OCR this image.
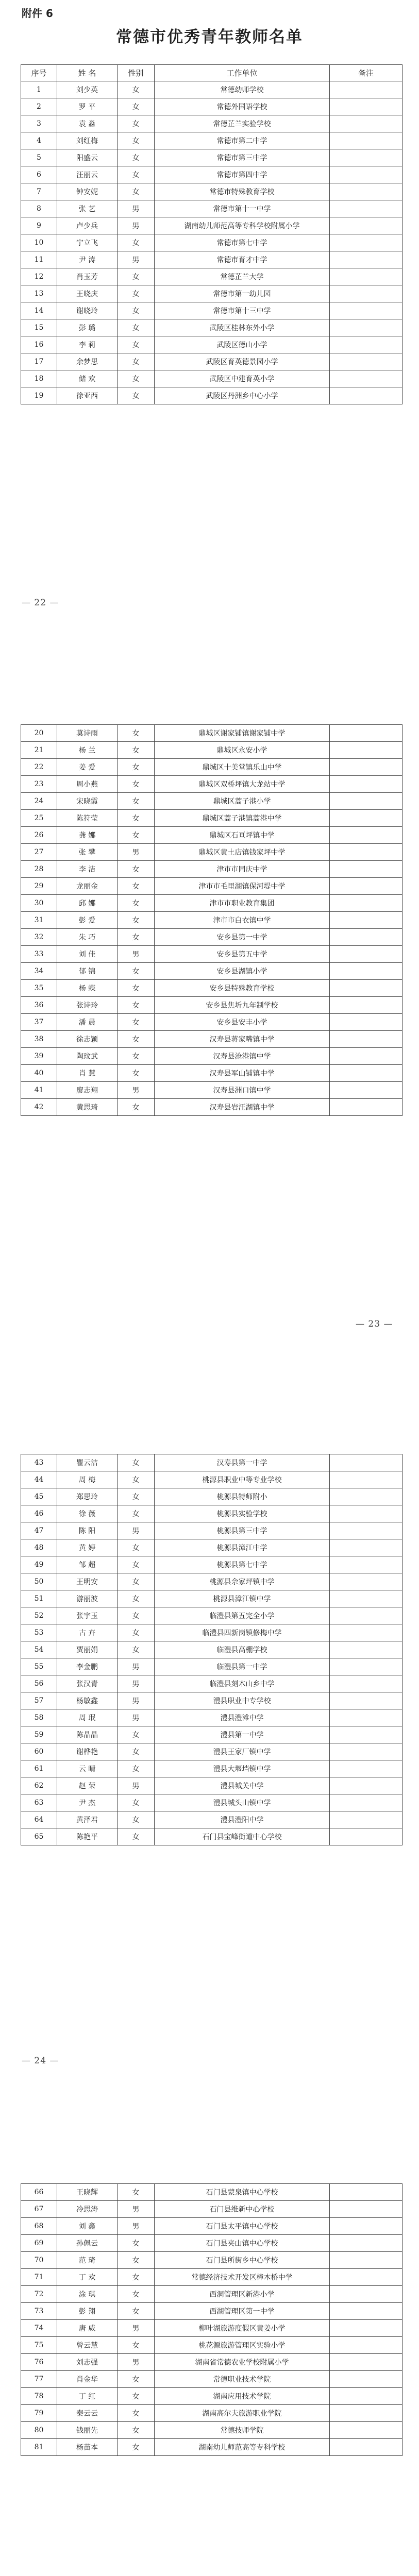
附件 6
常德市优秀青年教师名单
序号	姓 名	性别	工作单位	备注
1	刘少英	女	常德幼师学校	
2	罗 平	女	常德外国语学校	
3	袁 淼	女	常德芷兰实验学校	
4	刘红梅	女	常德市第二中学	
5	阳盛云	女	常德市第三中学	
6	汪丽云	女	常德市第四中学	
7	钟安妮	女	常德市特殊教育学校	
8	张 艺	男	常德市第十一中学	
9	卢少兵	男	湖南幼儿师范高等专科学校附属小学	
10	宁立飞	女	常德市第七中学	
11	尹 涛	男	常德市育才中学	
12	肖玉芳	女	常德芷兰大学	
13	王晓庆	女	常德市第一幼儿园	
14	谢晓玲	女	常德市第十三中学	
15	彭 璐	女	武陵区桂林东外小学	
16	李 莉	女	武陵区德山小学	
17	余梦思	女	武陵区育英德景园小学	
18	储 欢	女	武陵区中建育英小学	
19	徐亚西	女	武陵区丹洲乡中心小学	
— 22 —
20	莫诗雨	女	鼎城区谢家铺镇谢家铺中学	
21	杨 兰	女	鼎城区永安小学	
22	姜 爱	女	鼎城区十美堂镇乐山中学	
23	周小燕	女	鼎城区双桥坪镇大龙站中学	
24	宋晓霞	女	鼎城区蒿子港小学	
25	陈符莹	女	鼎城区蒿子港镇蒿港中学	
26	龚 娜	女	鼎城区石亘坪镇中学	
27	张 攀	男	鼎城区黄土店镇钱家坪中学	
28	李 洁	女	津市市同庆中学	
29	龙丽金	女	津市市毛里湖镇保河堤中学	
30	邱 娜	女	津市市职业教育集团	
31	彭 爱	女	津市市白衣镇中学	
32	朱 巧	女	安乡县第一中学	
33	刘 佳	男	安乡县第五中学	
34	郁 锦	女	安乡县湖镇小学	
35	杨 蝶	女	安乡县特殊教育学校	
36	张诗玲	女	安乡县焦圻九年制学校	
37	潘 晨	女	安乡县安丰小学	
38	徐志颖	女	汉寿县蒋家嘴镇中学	
39	陶玟武	女	汉寿县沧港镇中学	
40	肖 慧	女	汉寿县军山铺镇中学	
41	廖志翔	男	汉寿县洲口镇中学	
42	黄思琦	女	汉寿县岩汪湖镇中学	
— 23 —
43	瞿云洁	女	汉寿县第一中学	
44	周 梅	女	桃源县职业中等专业学校	
45	郑思玲	女	桃源县特师附小	
46	徐 薇	女	桃源县实验学校	
47	陈 阳	男	桃源县第三中学	
48	黄 婷	女	桃源县漳江中学	
49	邹 超	女	桃源县第七中学	
50	王明安	女	桃源县佘家坪镇中学	
51	游丽波	女	桃源县漳江镇中学	
52	张宇玉	女	临澧县第五完全小学	
53	古 卉	女	临澧县四新岗镇修梅中学	
54	贾丽娟	女	临澧县高棚学校	
55	李金鹏	男	临澧县第一中学	
56	张汉青	男	临澧县刻木山乡中学	
57	杨敏鑫	男	澧县职业中专学校	
58	周 珉	男	澧县澧滩中学	
59	陈晶晶	女	澧县第一中学	
60	谢桦艳	女	澧县王家厂镇中学	
61	云 晴	女	澧县大堰垱镇中学	
62	赵 荣	男	澧县城关中学	
63	尹 杰	女	澧县城头山镇中学	
64	黄泽君	女	澧县澧阳中学	
65	陈艳平	女	石门县宝峰街道中心学校	
— 24 —
66	王晓辉	女	石门县蒙泉镇中心学校	
67	冷思涛	男	石门县维新中心学校	
68	刘 鑫	男	石门县太平镇中心学校	
69	孙佩云	女	石门县夹山镇中心学校	
70	范 琦	女	石门县所街乡中心学校	
71	丁 欢	女	常德经济技术开发区樟木桥中学	
72	涂 琪	女	西洞管理区新港小学	
73	彭 翔	女	西湖管理区第一中学	
74	唐 威	男	柳叶湖旅游度假区黄姜小学	
75	曾云慧	女	桃花源旅游管理区实验小学	
76	刘志强	男	湖南省常德农业学校附属小学	
77	肖金华	女	常德职业技术学院	
78	丁 红	女	湖南应用技术学院	
79	秦云云	女	湖南高尔夫旅游职业学院	
80	钱丽先	女	常德技师学院	
81	杨苗本	女	湖南幼儿师范高等专科学校	
